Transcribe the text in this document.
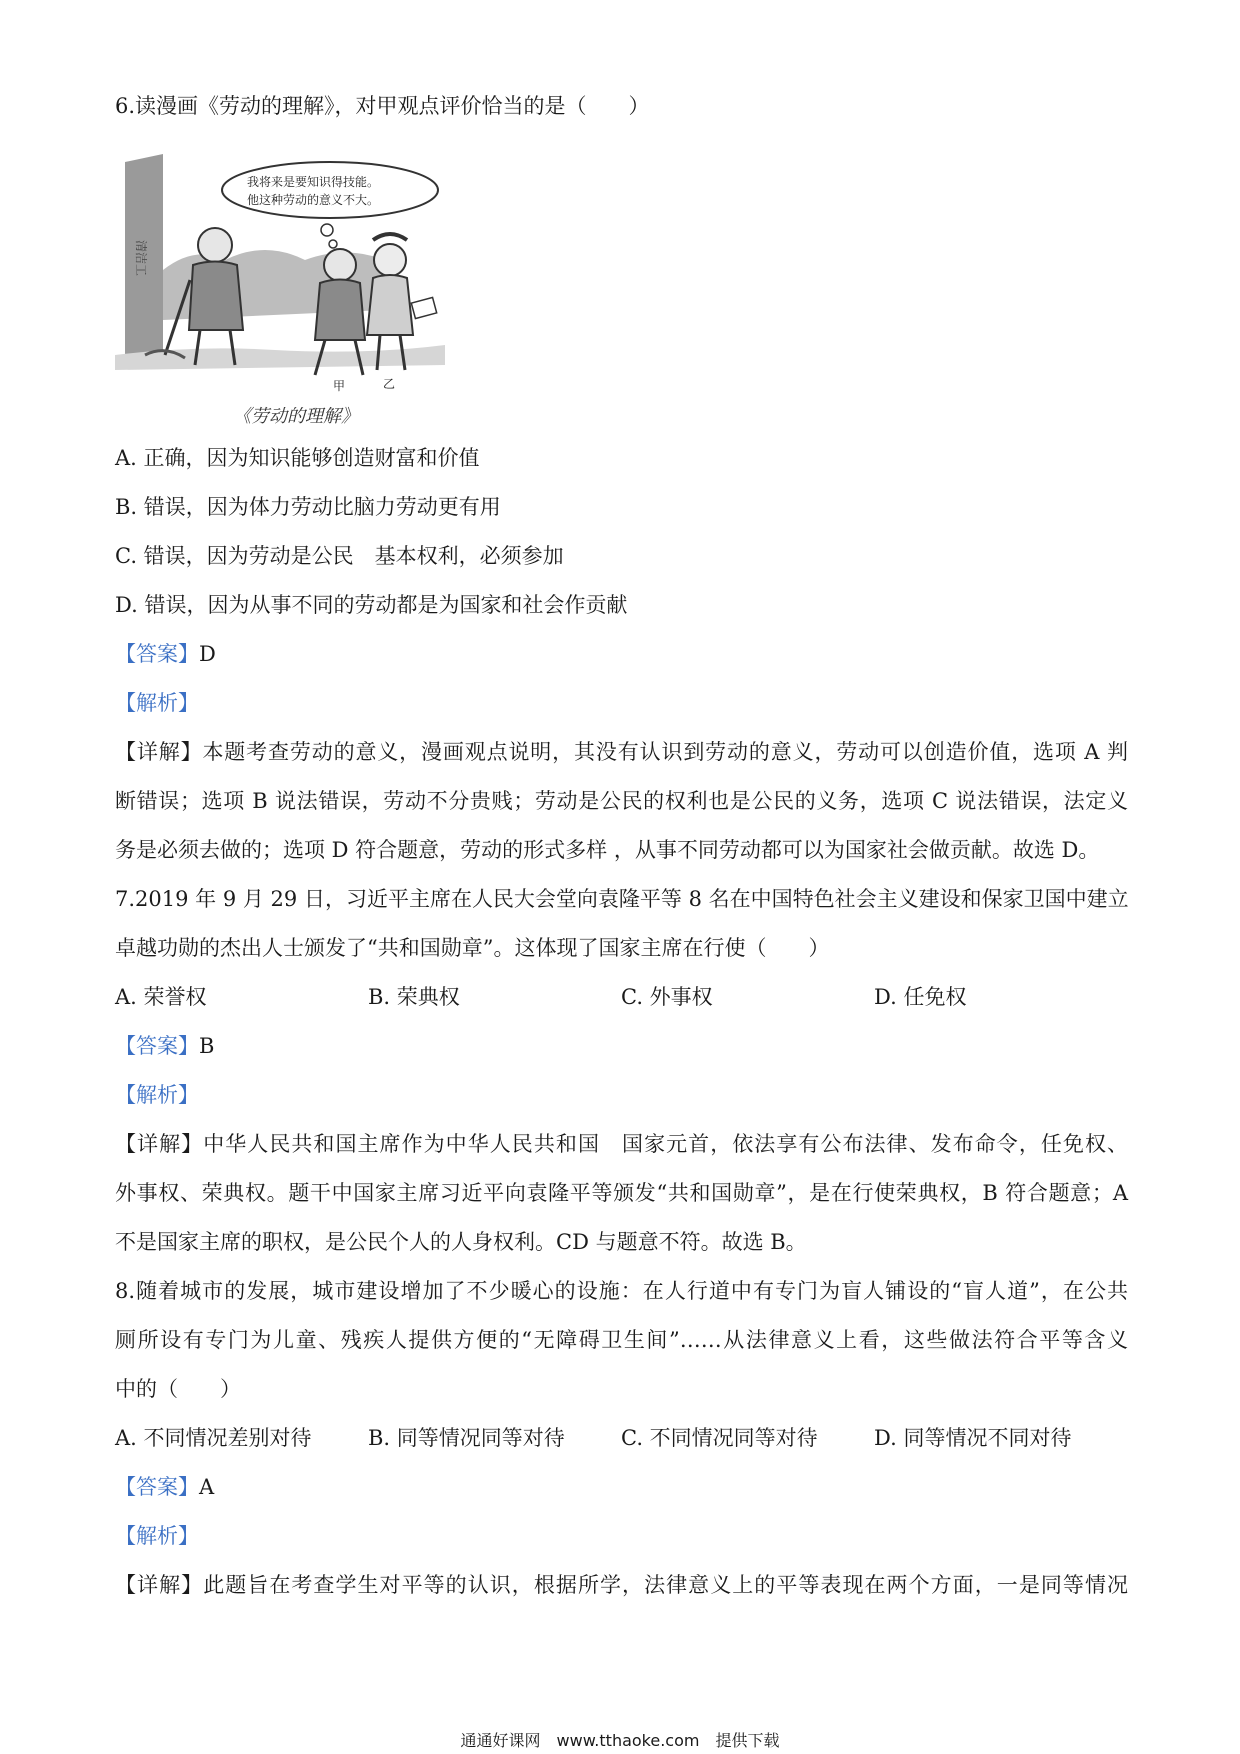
6.读漫画《劳动的理解》，对甲观点评价恰当的是（　　）
清洁工
我将来是要知识得技能。
他这种劳动的意义不大。
甲	乙
《劳动的理解》
A. 正确，因为知识能够创造财富和价值
B. 错误，因为体力劳动比脑力劳动更有用
C. 错误，因为劳动是公民　基本权利，必须参加
D. 错误，因为从事不同的劳动都是为国家和社会作贡献
【答案】D
【解析】
【详解】本题考查劳动的意义，漫画观点说明，其没有认识到劳动的意义，劳动可以创造价值，选项 A 判
断错误；选项 B 说法错误，劳动不分贵贱；劳动是公民的权利也是公民的义务，选项 C 说法错误，法定义
务是必须去做的；选项 D 符合题意，劳动的形式多样 ，从事不同劳动都可以为国家社会做贡献。故选 D。
7.2019 年 9 月 29 日，习近平主席在人民大会堂向袁隆平等 8 名在中国特色社会主义建设和保家卫国中建立
卓越功勋的杰出人士颁发了“共和国勋章”。这体现了国家主席在行使（　　）
A. 荣誉权	B. 荣典权	C. 外事权	D. 任免权
【答案】B
【解析】
【详解】中华人民共和国主席作为中华人民共和国　国家元首，依法享有公布法律、发布命令，任免权、
外事权、荣典权。题干中国家主席习近平向袁隆平等颁发“共和国勋章”，是在行使荣典权，B 符合题意；A
不是国家主席的职权，是公民个人的人身权利。CD 与题意不符。故选 B。
8.随着城市的发展，城市建设增加了不少暖心的设施：在人行道中有专门为盲人铺设的“盲人道”，在公共
厕所设有专门为儿童、残疾人提供方便的“无障碍卫生间”……从法律意义上看，这些做法符合平等含义
中的（　　）
A. 不同情况差别对待	B. 同等情况同等对待	C. 不同情况同等对待	D. 同等情况不同对待
【答案】A
【解析】
【详解】此题旨在考查学生对平等的认识，根据所学，法律意义上的平等表现在两个方面，一是同等情况
通通好课网　www.tthaoke.com　提供下载
